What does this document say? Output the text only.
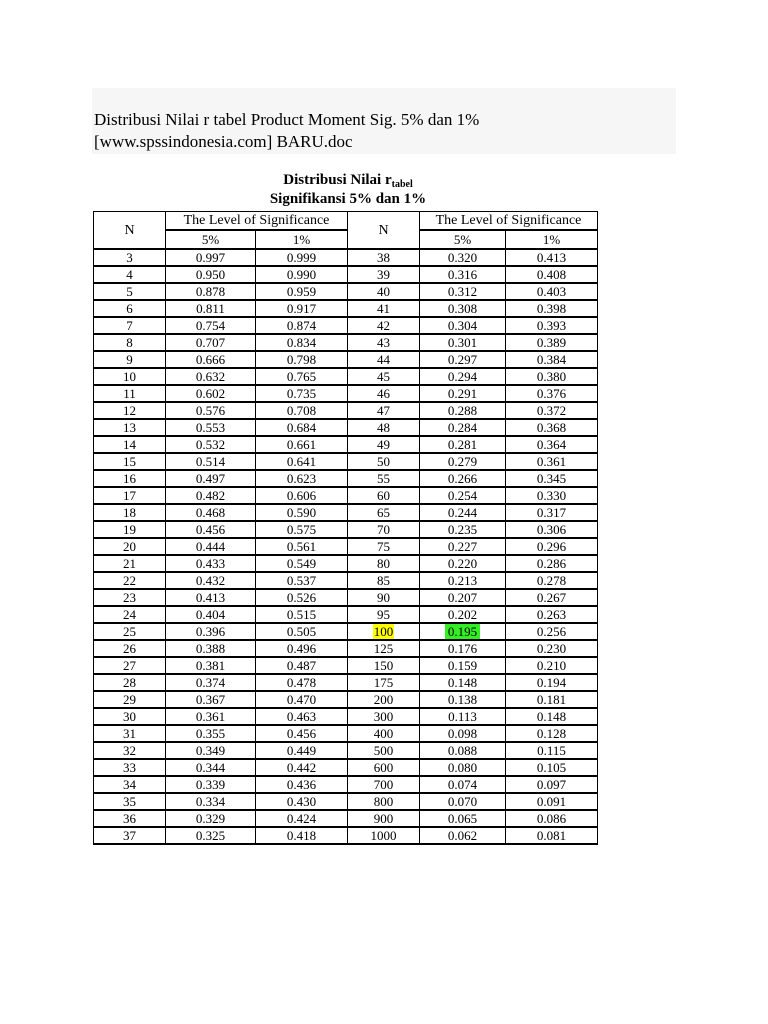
Distribusi Nilai r tabel Product Moment Sig. 5% dan 1%
[www.spssindonesia.com] BARU.doc
Distribusi Nilai $r_{tabel}$
Signifikansi 5% dan 1%
N	The Level of Significance		N	The Level of Significance	
	5%	1%		5%	1%
3	0.997	0.999	38	0.320	0.413
4	0.950	0.990	39	0.316	0.408
5	0.878	0.959	40	0.312	0.403
6	0.811	0.917	41	0.308	0.398
7	0.754	0.874	42	0.304	0.393
8	0.707	0.834	43	0.301	0.389
9	0.666	0.798	44	0.297	0.384
10	0.632	0.765	45	0.294	0.380
11	0.602	0.735	46	0.291	0.376
12	0.576	0.708	47	0.288	0.372
13	0.553	0.684	48	0.284	0.368
14	0.532	0.661	49	0.281	0.364
15	0.514	0.641	50	0.279	0.361
16	0.497	0.623	55	0.266	0.345
17	0.482	0.606	60	0.254	0.330
18	0.468	0.590	65	0.244	0.317
19	0.456	0.575	70	0.235	0.306
20	0.444	0.561	75	0.227	0.296
21	0.433	0.549	80	0.220	0.286
22	0.432	0.537	85	0.213	0.278
23	0.413	0.526	90	0.207	0.267
24	0.404	0.515	95	0.202	0.263
25	0.396	0.505	100	0.195	0.256
26	0.388	0.496	125	0.176	0.230
27	0.381	0.487	150	0.159	0.210
28	0.374	0.478	175	0.148	0.194
29	0.367	0.470	200	0.138	0.181
30	0.361	0.463	300	0.113	0.148
31	0.355	0.456	400	0.098	0.128
32	0.349	0.449	500	0.088	0.115
33	0.344	0.442	600	0.080	0.105
34	0.339	0.436	700	0.074	0.097
35	0.334	0.430	800	0.070	0.091
36	0.329	0.424	900	0.065	0.086
37	0.325	0.418	1000	0.062	0.081
